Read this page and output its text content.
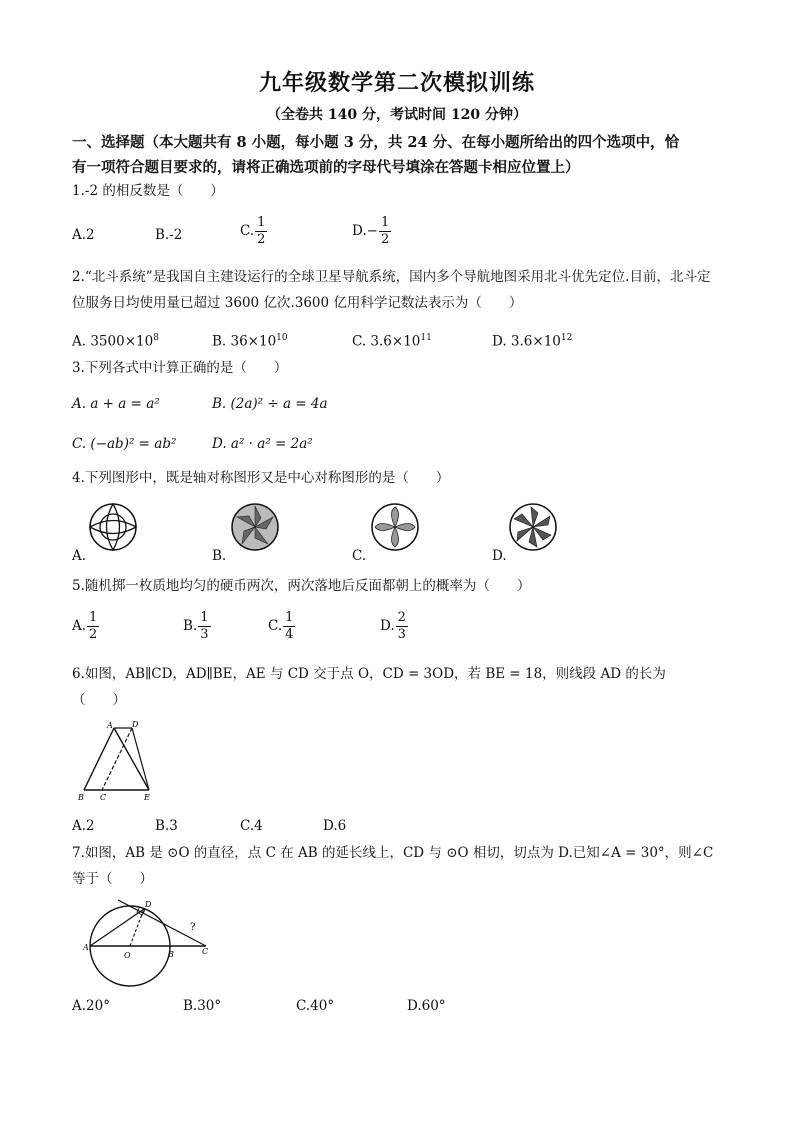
九年级数学第二次模拟训练
（全卷共 140 分，考试时间 120 分钟）
一、选择题（本大题共有 8 小题，每小题 3 分，共 24 分、在每小题所给出的四个选项中，恰
有一项符合题目要求的，请将正确选项前的字母代号填涂在答题卡相应位置上）
1.-2 的相反数是（　　）
A.2	B.-2	C. $\frac{1}{2}$	$D.- \frac{1}{2}$
2.“北斗系统”是我国自主建设运行的全球卫星导航系统，国内多个导航地图采用北斗优先定位.目前，北斗定
位服务日均使用量已超过 3600 亿次.3600 亿用科学记数法表示为（　　）
A. $3500\times 10^8$	B. $36\times 10^{10}$	C. $3.6\times 10^{11}$	D. $3.6\times 10^{12}$
3.下列各式中计算正确的是（　　）
A. a + a = a²	B. (2a)² ÷ a = 4a
C. (−ab)² = ab²	D. a² · a² = 2a²
4.下列图形中，既是轴对称图形又是中心对称图形的是（　　）
A.	B.	C.	D.
5.随机掷一枚质地均匀的硬币两次，两次落地后反面都朝上的概率为（　　）
A. $\frac{1}{2}$	B. $\frac{1}{3}$	C. $\frac{1}{4}$	D. $\frac{2}{3}$
6.如图，AB∥CD，AD∥BE，AE 与 CD 交于点 O，CD = 3OD，若 BE = 18，则线段 AD 的长为
（　　）
A D
B C	E
A.2	B.3	C.4	D.6
7.如图，AB 是 ⊙O 的直径，点 C 在 AB 的延长线上，CD 与 ⊙O 相切，切点为 D.已知∠A = 30°，则∠C
等于（　　）
A
D
O	B	C
?
A.20°	B.30°	C.40°	D.60°
